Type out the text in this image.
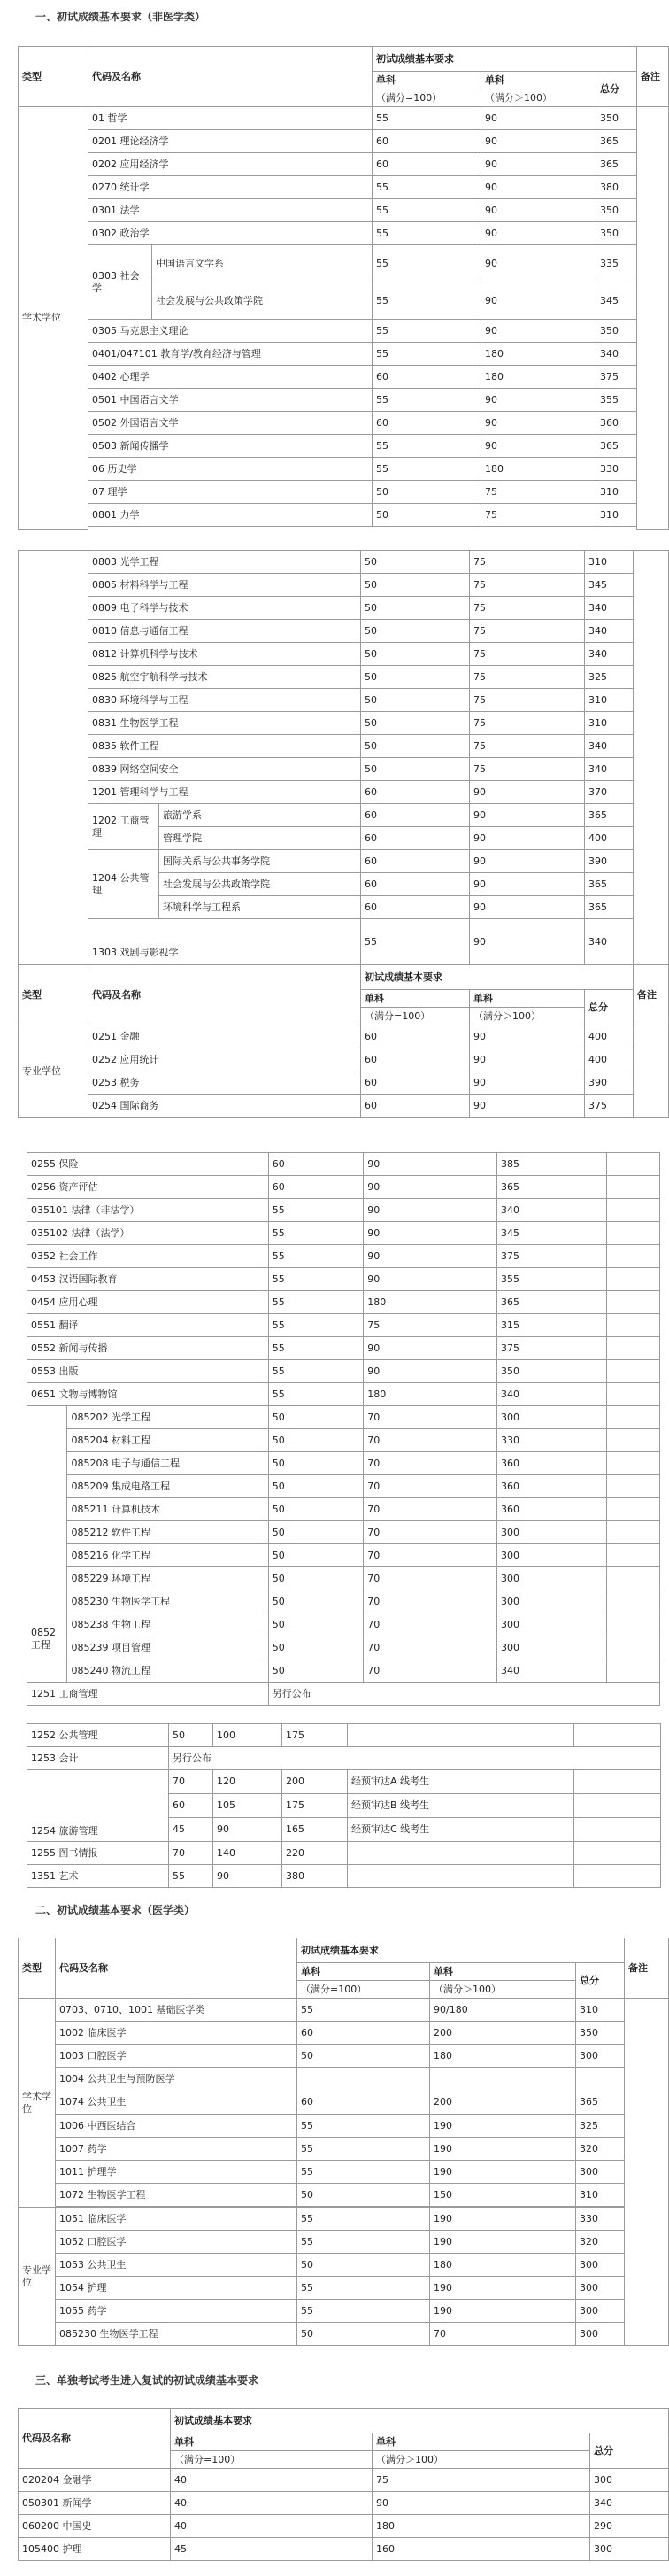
一、初试成绩基本要求（非医学类）
类型	代码及名称		初试成绩基本要求			备注
			单科	单科	总分	
			（满分=100）	（满分＞100）		
学术学位	01 哲学		55	90	350	
	0201 理论经济学		60	90	365	
	0202 应用经济学		60	90	365	
	0270 统计学		55	90	380	
	0301 法学		55	90	350	
	0302 政治学		55	90	350	
	0303 社会学	中国语言文学系	55	90	335	
		社会发展与公共政策学院	55	90	345	
	0305 马克思主义理论		55	90	350	
	0401/047101 教育学/教育经济与管理		55	180	340	
	0402 心理学		60	180	375	
	0501 中国语言文学		55	90	355	
	0502 外国语言文学		60	90	360	
	0503 新闻传播学		55	90	365	
	06 历史学		55	180	330	
	07 理学		50	75	310	
	0801 力学		50	75	310	

	0803 光学工程		50	75	310	
	0805 材料科学与工程		50	75	345	
	0809 电子科学与技术		50	75	340	
	0810 信息与通信工程		50	75	340	
	0812 计算机科学与技术		50	75	340	
	0825 航空宇航科学与技术		50	75	325	
	0830 环境科学与工程		50	75	310	
	0831 生物医学工程		50	75	310	
	0835 软件工程		50	75	340	
	0839 网络空间安全		50	75	340	
	1201 管理科学与工程		60	90	370	
	1202 工商管理	旅游学系	60	90	365	
		管理学院	60	90	400	
	1204 公共管理	国际关系与公共事务学院	60	90	390	
		社会发展与公共政策学院	60	90	365	
		环境科学与工程系	60	90	365	
	1303 戏剧与影视学		55	90	340	
类型	代码及名称		初试成绩基本要求			备注
			单科	单科	总分	
			（满分=100）	（满分＞100）		
专业学位	0251 金融		60	90	400	
	0252 应用统计		60	90	400	
	0253 税务		60	90	390	
	0254 国际商务		60	90	375	
0255 保险		60	90	385	
0256 资产评估		60	90	365	
035101 法律（非法学）		55	90	340	
035102 法律（法学）		55	90	345	
0352 社会工作		55	90	375	
0453 汉语国际教育		55	90	355	
0454 应用心理		55	180	365	
0551 翻译		55	75	315	
0552 新闻与传播		55	90	375	
0553 出版		55	90	350	
0651 文物与博物馆		55	180	340	
0852 工程	085202 光学工程	50	70	300	
	085204 材料工程	50	70	330	
	085208 电子与通信工程	50	70	360	
	085209 集成电路工程	50	70	360	
	085211 计算机技术	50	70	360	
	085212 软件工程	50	70	300	
	085216 化学工程	50	70	300	
	085229 环境工程	50	70	300	
	085230 生物医学工程	50	70	300	
	085238 生物工程	50	70	300	
	085239 项目管理	50	70	300	
	085240 物流工程	50	70	340	
1251 工商管理		另行公布			
1252 公共管理	50	100	175		
1253 会计	另行公布				
1254 旅游管理	70	120	200	经预审达A 线考生	
	60	105	175	经预审达B 线考生	
	45	90	165	经预审达C 线考生	
1255 图书情报	70	140	220		
1351 艺术	55	90	380		
二、初试成绩基本要求（医学类）
类型	代码及名称	初试成绩基本要求			备注
		单科	单科	总分	
		（满分=100）	（满分＞100）		
学术学位	0703、0710、1001 基础医学类	55	90/180	310	
	1002 临床医学	60	200	350	
	1003 口腔医学	50	180	300	
	1004 公共卫生与预防医学
1074 公共卫生	60	200	365	
	1006 中西医结合	55	190	325	
	1007 药学	55	190	320	
	1011 护理学	55	190	300	
	1072 生物医学工程	50	150	310	

专业学位	1051 临床医学	55	190	330	
	1052 口腔医学	55	190	320	
	1053 公共卫生	50	180	300	
	1054 护理	55	190	300	
	1055 药学	55	190	300	
	085230 生物医学工程	50	70	300	
三、单独考试考生进入复试的初试成绩基本要求
代码及名称	初试成绩基本要求		
	单科	单科	总分
	（满分=100）	（满分＞100）	
020204 金融学	40	75	300
050301 新闻学	40	90	340
060200 中国史	40	180	290
105400 护理	45	160	300
